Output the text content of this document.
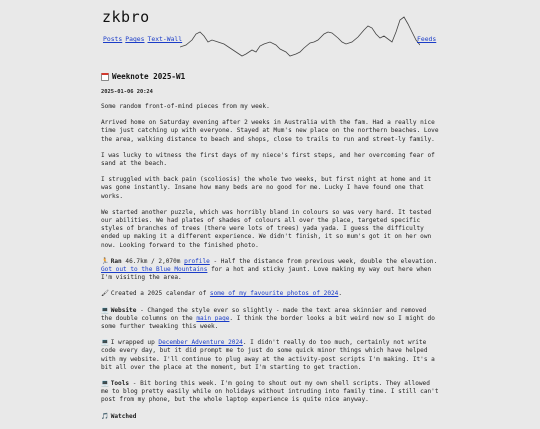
zkbro
Posts Pages Text-Wall	Feeds
Weeknote 2025-W1
2025-01-06 20:24

Some random front-of-mind pieces from my week.

Arrived home on Saturday evening after 2 weeks in Australia with the fam. Had a really nice time just catching up with everyone. Stayed at Mum's new place on the northern beaches. Love the area, walking distance to beach and shops, close to trails to run and street-ly family.

I was lucky to witness the first days of my niece's first steps, and her overcoming fear of sand at the beach.

I struggled with back pain (scoliosis) the whole two weeks, but first night at home and it was gone instantly. Insane how many beds are no good for me. Lucky I have found one that works.

We started another puzzle, which was horribly bland in colours so was very hard. It tested our abilities. We had plates of shades of colours all over the place, targeted specific styles of branches of trees (there were lots of trees) yada yada. I guess the difficulty ended up making it a different experience. We didn't finish, it so mum's got it on her own now. Looking forward to the finished photo.

🏃 Ran 46.7km / 2,070m profile - Half the distance from previous week, double the elevation. Got out to the Blue Mountains for a hot and sticky jaunt. Love making my way out here when I'm visiting the area.

🖌 Created a 2025 calendar of some of my favourite photos of 2024.

💻 Website - Changed the style ever so slightly - made the text area skinnier and removed the double columns on the main page. I think the border looks a bit weird now so I might do some further tweaking this week.

💻 I wrapped up December Adventure 2024. I didn't really do too much, certainly not write code every day, but it did prompt me to just do some quick minor things which have helped with my website. I'll continue to plug away at the activity-post scripts I'm making. It's a bit all over the place at the moment, but I'm starting to get traction.

💻 Tools - Bit boring this week. I'm going to shout out my own shell scripts. They allowed me to blog pretty easily while on holidays without intruding into family time. I still can't post from my phone, but the whole laptop experience is quite nice anyway.

🎵 Watched
